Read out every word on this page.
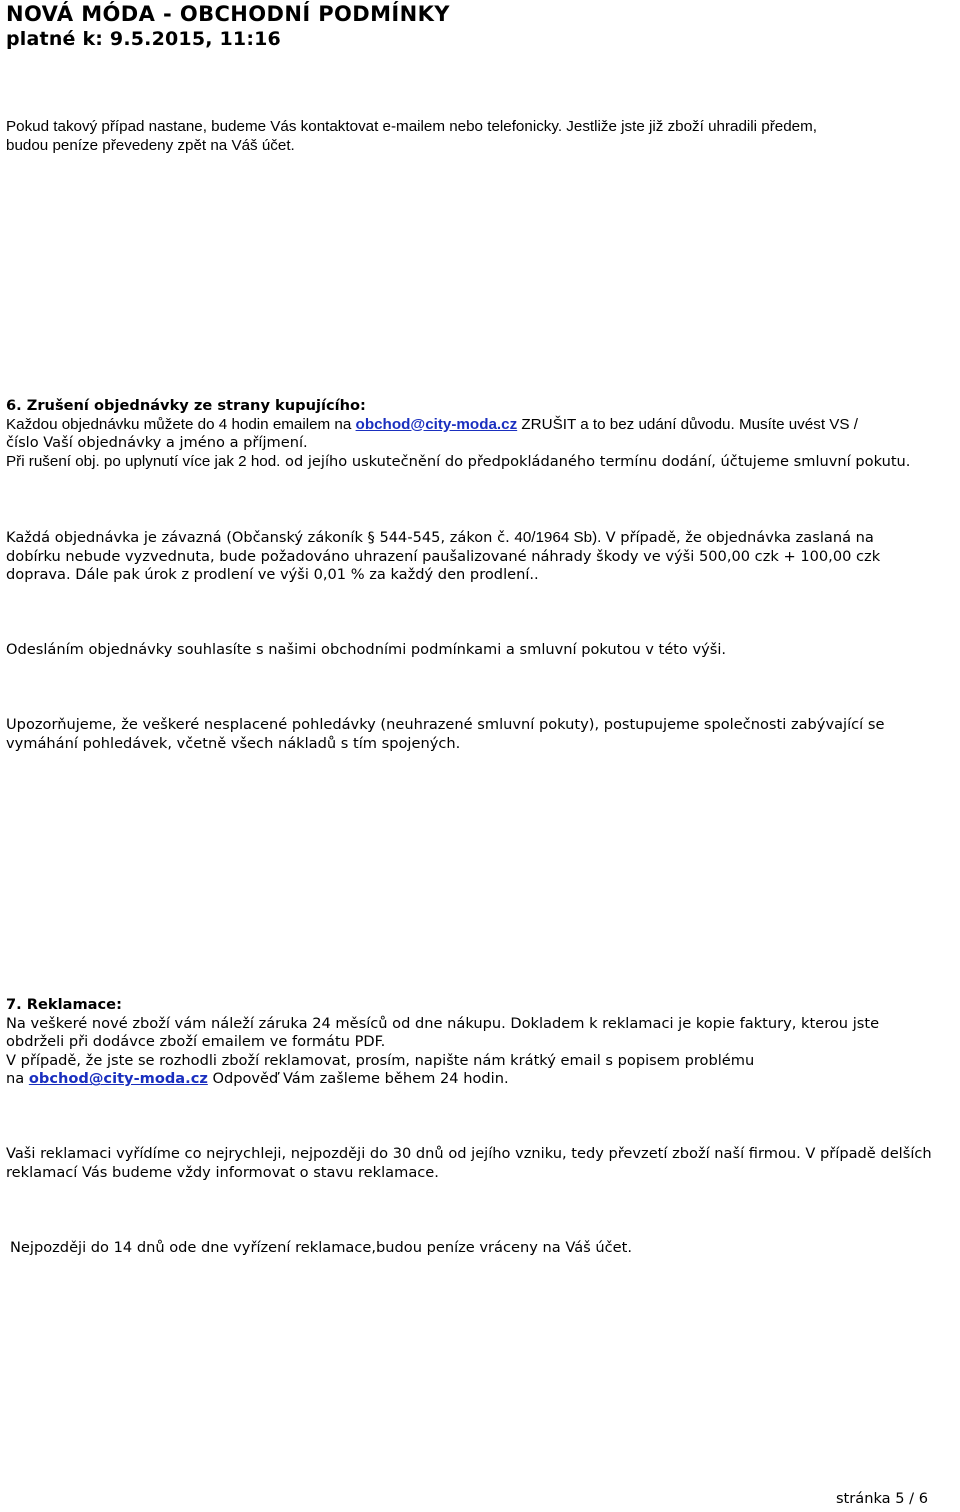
NOVÁ MÓDA - OBCHODNÍ PODMÍNKY
platné k: 9.5.2015, 11:16
Pokud takový případ nastane, budeme Vás kontaktovat e-mailem nebo telefonicky. Jestliže jste již zboží uhradili předem,
budou peníze převedeny zpět na Váš účet.
6. Zrušení objednávky ze strany kupujícího:
Každou objednávku můžete do 4 hodin emailem na obchod@city-moda.cz ZRUŠIT a to bez udání důvodu. Musíte uvést VS /
číslo Vaší objednávky a jméno a příjmení.
Při rušení obj. po uplynutí více jak 2 hod. od jejího uskutečnění do předpokládaného termínu dodání, účtujeme smluvní pokutu.
Každá objednávka je závazná (Občanský zákoník § 544-545, zákon č. 40/1964 Sb). V případě, že objednávka zaslaná na
dobírku nebude vyzvednuta, bude požadováno uhrazení paušalizované náhrady škody ve výši 500,00 czk + 100,00 czk
doprava. Dále pak úrok z prodlení ve výši 0,01 % za každý den prodlení..
Odesláním objednávky souhlasíte s našimi obchodními podmínkami a smluvní pokutou v této výši.
Upozorňujeme, že veškeré nesplacené pohledávky (neuhrazené smluvní pokuty), postupujeme společnosti zabývající se
vymáhání pohledávek, včetně všech nákladů s tím spojených.
7. Reklamace:
Na veškeré nové zboží vám náleží záruka 24 měsíců od dne nákupu. Dokladem k reklamaci je kopie faktury, kterou jste
obdrželi při dodávce zboží emailem ve formátu PDF.
V případě, že jste se rozhodli zboží reklamovat, prosím, napište nám krátký email s popisem problému
na obchod@city-moda.cz Odpověď Vám zašleme během 24 hodin.
Vaši reklamaci vyřídíme co nejrychleji, nejpozději do 30 dnů od jejího vzniku, tedy převzetí zboží naší firmou. V případě delších
reklamací Vás budeme vždy informovat o stavu reklamace.
Nejpozději do 14 dnů ode dne vyřízení reklamace,budou peníze vráceny na Váš účet.
stránka 5 / 6
